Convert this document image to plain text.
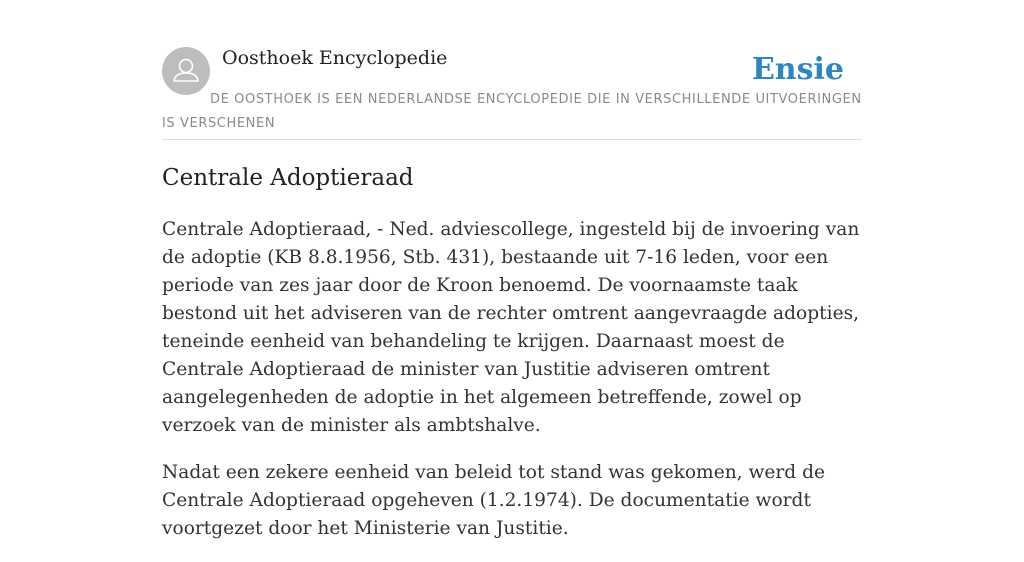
Oosthoek Encyclopedie	Ensie
DE OOSTHOEK IS EEN NEDERLANDSE ENCYCLOPEDIE DIE IN VERSCHILLENDE UITVOERINGEN IS VERSCHENEN
Centrale Adoptieraad

Centrale Adoptieraad, - Ned. adviescollege, ingesteld bij de invoering van de adoptie (KB 8.8.1956, Stb. 431), bestaande uit 7-16 leden, voor een periode van zes jaar door de Kroon benoemd. De voornaamste taak bestond uit het adviseren van de rechter omtrent aangevraagde adopties, teneinde eenheid van behandeling te krijgen. Daarnaast moest de Centrale Adoptieraad de minister van Justitie adviseren omtrent aangelegenheden de adoptie in het algemeen betreffende, zowel op verzoek van de minister als ambtshalve.

Nadat een zekere eenheid van beleid tot stand was gekomen, werd de Centrale Adoptieraad opgeheven (1.2.1974). De documentatie wordt voortgezet door het Ministerie van Justitie.
